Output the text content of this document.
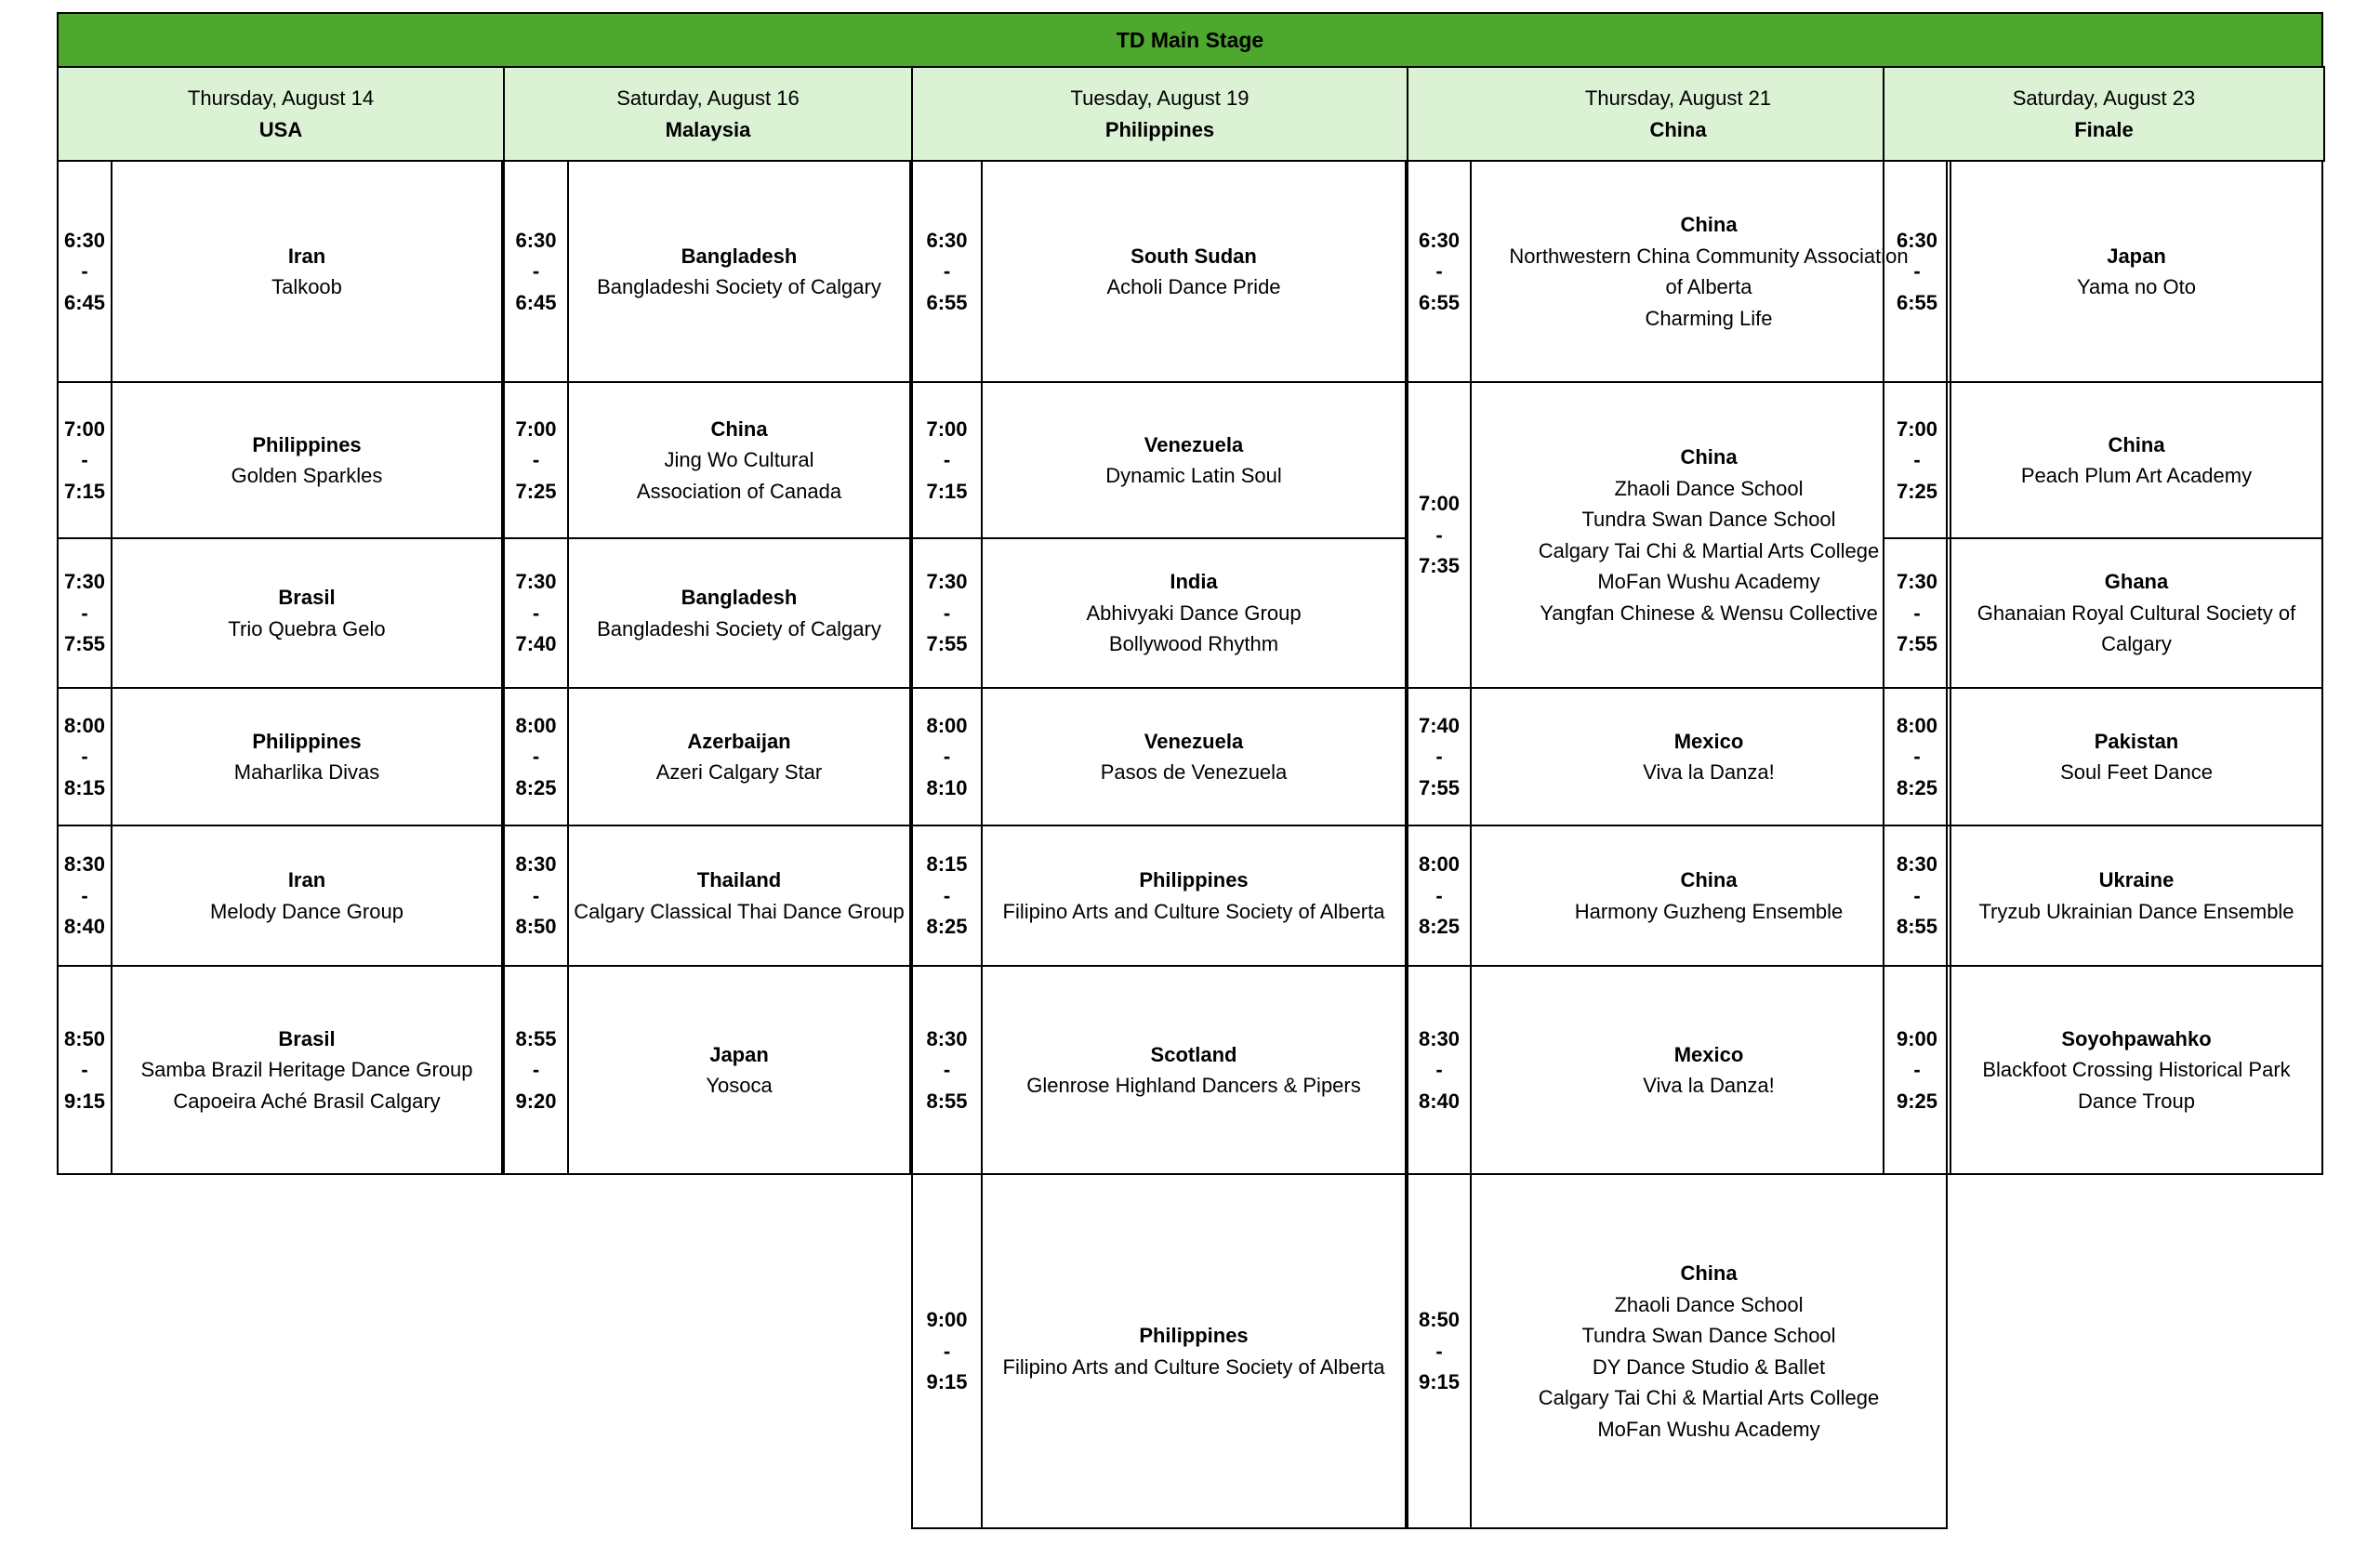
TD Main Stage
Thursday, August 14
USA
6:30
-
6:45
Iran
Talkoob
7:00
-
7:15
Philippines
Golden Sparkles
7:30
-
7:55
Brasil
Trio Quebra Gelo
8:00
-
8:15
Philippines
Maharlika Divas
8:30
-
8:40
Iran
Melody Dance Group
8:50
-
9:15
Brasil
Samba Brazil Heritage Dance Group
Capoeira Aché Brasil Calgary
Saturday, August 16
Malaysia
6:30
-
6:45
Bangladesh
Bangladeshi Society of Calgary
7:00
-
7:25
China
Jing Wo Cultural
Association of Canada
7:30
-
7:40
Bangladesh
Bangladeshi Society of Calgary
8:00
-
8:25
Azerbaijan
Azeri Calgary Star
8:30
-
8:50
Thailand
Calgary Classical Thai Dance Group
8:55
-
9:20
Japan
Yosoca
Tuesday, August 19
Philippines
6:30
-
6:55
South Sudan
Acholi Dance Pride
7:00
-
7:15
Venezuela
Dynamic Latin Soul
7:30
-
7:55
India
Abhivyaki Dance Group
Bollywood Rhythm
8:00
-
8:10
Venezuela
Pasos de Venezuela
8:15
-
8:25
Philippines
Filipino Arts and Culture Society of Alberta
8:30
-
8:55
Scotland
Glenrose Highland Dancers & Pipers
9:00
-
9:15
Philippines
Filipino Arts and Culture Society of Alberta
Thursday, August 21
China
6:30
-
6:55
China
Northwestern China Community Association
of Alberta
Charming Life
7:00
-
7:35
China
Zhaoli Dance School
Tundra Swan Dance School
Calgary Tai Chi & Martial Arts College
MoFan Wushu Academy
Yangfan Chinese & Wensu Collective
7:40
-
7:55
Mexico
Viva la Danza!
8:00
-
8:25
China
Harmony Guzheng Ensemble
8:30
-
8:40
Mexico
Viva la Danza!
8:50
-
9:15
China
Zhaoli Dance School
Tundra Swan Dance School
DY Dance Studio & Ballet
Calgary Tai Chi & Martial Arts College
MoFan Wushu Academy
Saturday, August 23
Finale
6:30
-
6:55
Japan
Yama no Oto
7:00
-
7:25
China
Peach Plum Art Academy
7:30
-
7:55
Ghana
Ghanaian Royal Cultural Society of
Calgary
8:00
-
8:25
Pakistan
Soul Feet Dance
8:30
-
8:55
Ukraine
Tryzub Ukrainian Dance Ensemble
9:00
-
9:25
Soyohpawahko
Blackfoot Crossing Historical Park
Dance Troup
